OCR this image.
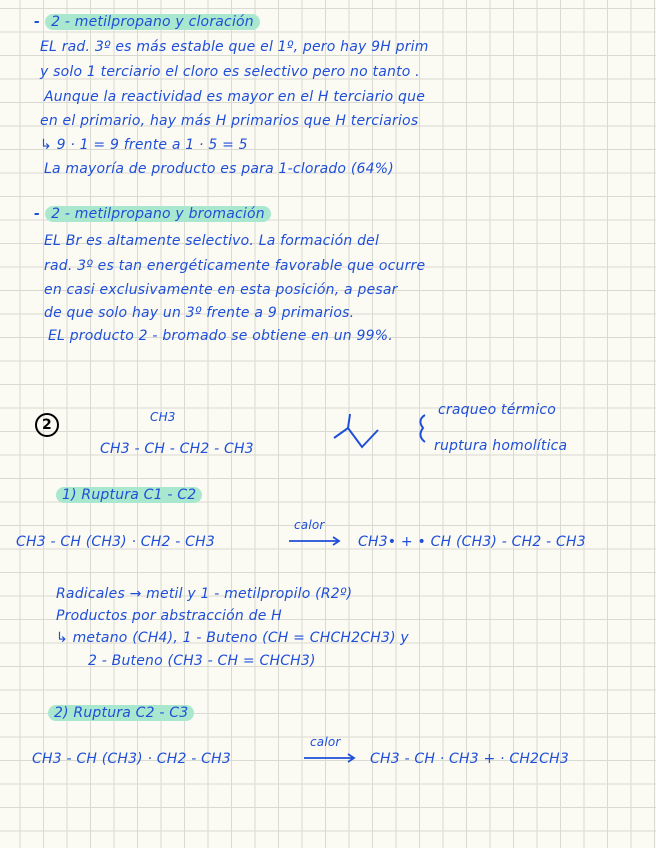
- 2 - metilpropano y cloración
EL rad. 3º es más estable que el 1º, pero hay 9H prim
y solo 1 terciario el cloro es selectivo pero no tanto .
Aunque la reactividad es mayor en el H terciario que
en el primario, hay más H primarios que H terciarios
↳ 9 · 1 = 9 frente a 1 · 5 = 5
La mayoría de producto es para 1-clorado (64%)
- 2 - metilpropano y bromación
EL Br es altamente selectivo. La formación del
rad. 3º es tan energéticamente favorable que ocurre
en casi exclusivamente en esta posición, a pesar
de que solo hay un 3º frente a 9 primarios.
EL producto 2 - bromado se obtiene en un 99%.
2	CH3
CH3 - CH - CH2 - CH3
craqueo térmico
ruptura homolítica
1) Ruptura C1 - C2
CH3 - CH (CH3) · CH2 - CH3
calor
CH3• + • CH (CH3) - CH2 - CH3
Radicales → metil y 1 - metilpropilo (R2º)
Productos por abstracción de H
↳ metano (CH4), 1 - Buteno (CH = CHCH2CH3) y
2 - Buteno (CH3 - CH = CHCH3)
2) Ruptura C2 - C3
CH3 - CH (CH3) · CH2 - CH3
calor
CH3 - CH · CH3 + · CH2CH3
